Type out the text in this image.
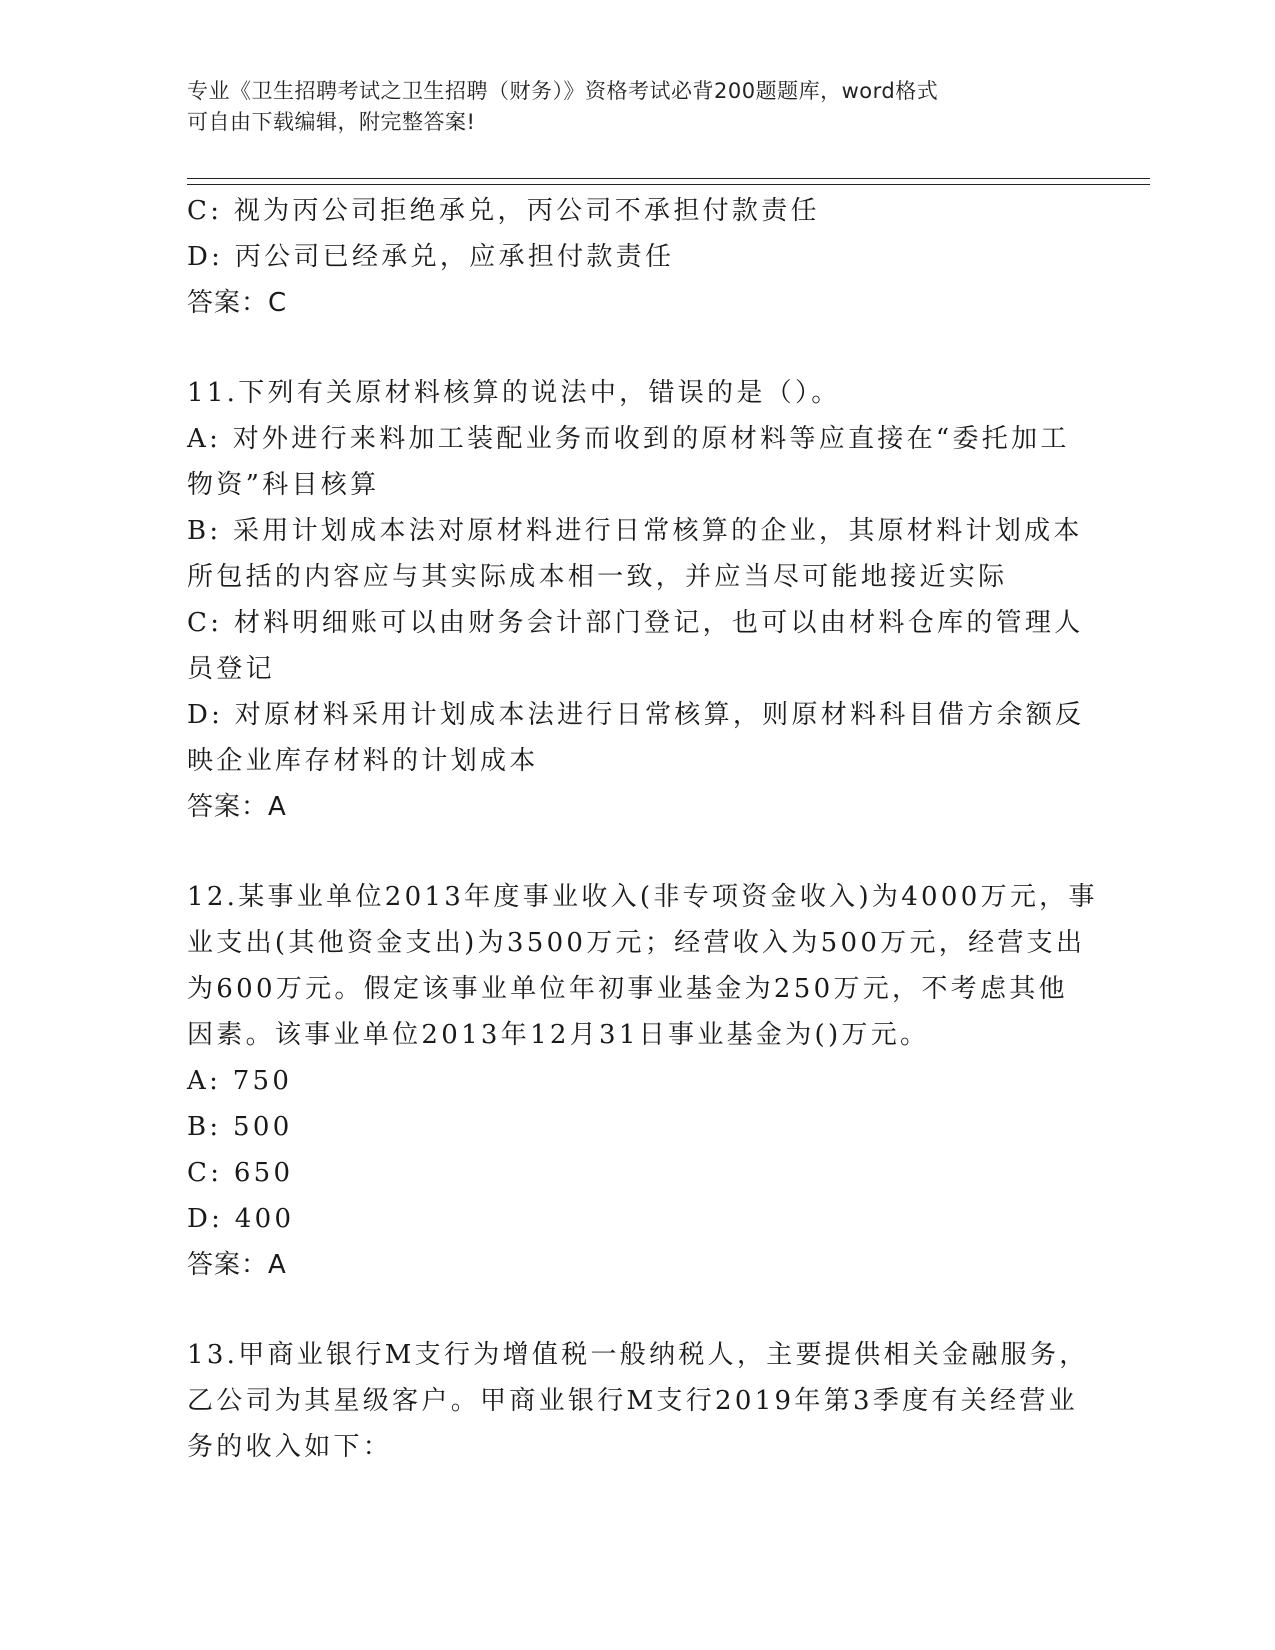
专业《卫生招聘考试之卫生招聘（财务）》资格考试必背200题题库，word格式
可自由下载编辑，附完整答案!
C: 视为丙公司拒绝承兑，丙公司不承担付款责任
D: 丙公司已经承兑，应承担付款责任
答案：C
11.下列有关原材料核算的说法中，错误的是（）。
A: 对外进行来料加工装配业务而收到的原材料等应直接在“委托加工
物资”科目核算
B: 采用计划成本法对原材料进行日常核算的企业，其原材料计划成本
所包括的内容应与其实际成本相一致，并应当尽可能地接近实际
C: 材料明细账可以由财务会计部门登记，也可以由材料仓库的管理人
员登记
D: 对原材料采用计划成本法进行日常核算，则原材料科目借方余额反
映企业库存材料的计划成本
答案：A
12.某事业单位2013年度事业收入(非专项资金收入)为4000万元，事
业支出(其他资金支出)为3500万元；经营收入为500万元，经营支出
为600万元。假定该事业单位年初事业基金为250万元，不考虑其他
因素。该事业单位2013年12月31日事业基金为()万元。
A: 750
B: 500
C: 650
D: 400
答案：A
13.甲商业银行M支行为增值税一般纳税人，主要提供相关金融服务，
乙公司为其星级客户。甲商业银行M支行2019年第3季度有关经营业
务的收入如下：
